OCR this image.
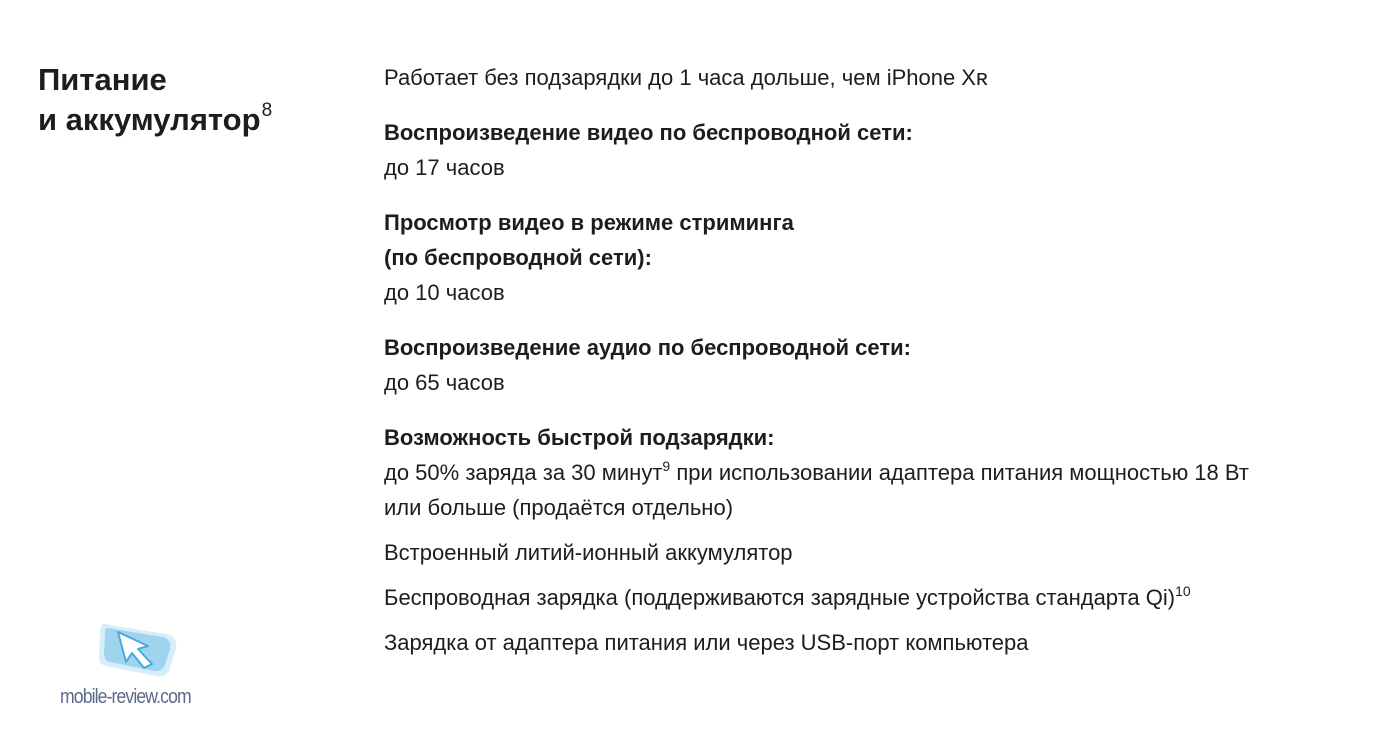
Питание
и аккумулятор$^8$
Работает без подзарядки до 1 часа дольше, чем iPhone Xʀ
Воспроизведение видео по беспроводной сети:
до 17 часов
Просмотр видео в режиме стриминга
(по беспроводной сети):
до 10 часов
Воспроизведение аудио по беспроводной сети:
до 65 часов
Возможность быстрой подзарядки:
до 50% заряда за 30 минут$^9$ при использовании адаптера питания мощностью 18 Вт
или больше (продаётся отдельно)
Встроенный литий-ионный аккумулятор
Беспроводная зарядка (поддерживаются зарядные устройства стандарта Qi)$^{10}$
Зарядка от адаптера питания или через USB-порт компьютера
mobile-review.com
